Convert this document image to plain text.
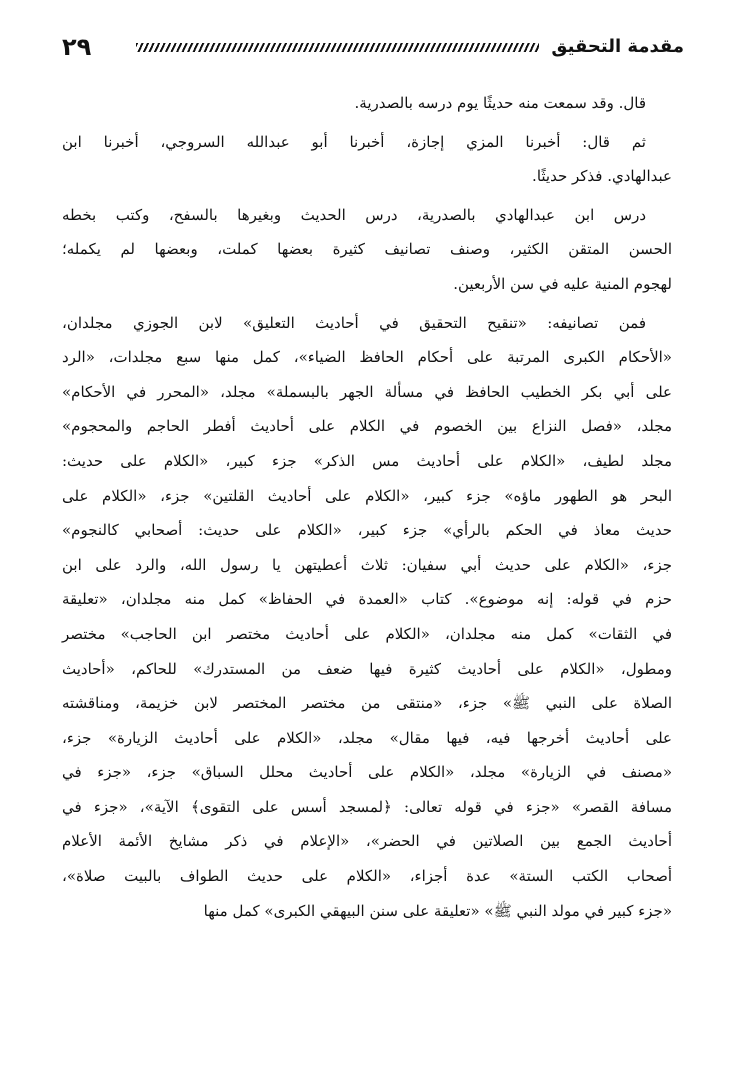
٢٩	مقدمة التحقيق
قال. وقد سمعت منه حديثًا يوم درسه بالصدرية.
ثم قال: أخبرنا المزي إجازة، أخبرنا أبو عبدالله السروجي، أخبرنا ابن
عبدالهادي. فذكر حديثًا.
درس ابن عبدالهادي بالصدرية، درس الحديث وبغيرها بالسفح، وكتب بخطه
الحسن المتقن الكثير، وصنف تصانيف كثيرة بعضها كملت، وبعضها لم يكمله؛
لهجوم المنية عليه في سن الأربعين.
فمن تصانيفه: «تنقيح التحقيق في أحاديث التعليق» لابن الجوزي مجلدان،
«الأحكام الكبرى المرتبة على أحكام الحافظ الضياء»، كمل منها سبع مجلدات، «الرد
على أبي بكر الخطيب الحافظ في مسألة الجهر بالبسملة» مجلد، «المحرر في الأحكام»
مجلد، «فصل النزاع بين الخصوم في الكلام على أحاديث أفطر الحاجم والمحجوم»
مجلد لطيف، «الكلام على أحاديث مس الذكر» جزء كبير، «الكلام على حديث:
البحر هو الطهور ماؤه» جزء كبير، «الكلام على أحاديث القلتين» جزء، «الكلام على
حديث معاذ في الحكم بالرأي» جزء كبير، «الكلام على حديث: أصحابي كالنجوم»
جزء، «الكلام على حديث أبي سفيان: ثلاث أعطيتهن يا رسول الله، والرد على ابن
حزم في قوله: إنه موضوع». كتاب «العمدة في الحفاظ» كمل منه مجلدان، «تعليقة
في الثقات» كمل منه مجلدان، «الكلام على أحاديث مختصر ابن الحاجب» مختصر
ومطول، «الكلام على أحاديث كثيرة فيها ضعف من المستدرك» للحاكم، «أحاديث
الصلاة على النبي ﷺ» جزء، «منتقى من مختصر المختصر لابن خزيمة، ومناقشته
على أحاديث أخرجها فيه، فيها مقال» مجلد، «الكلام على أحاديث الزيارة» جزء،
«مصنف في الزيارة» مجلد، «الكلام على أحاديث محلل السباق» جزء، «جزء في
مسافة القصر» «جزء في قوله تعالى: ﴿لمسجد أسس على التقوى﴾ الآية»، «جزء في
أحاديث الجمع بين الصلاتين في الحضر»، «الإعلام في ذكر مشايخ الأئمة الأعلام
أصحاب الكتب الستة» عدة أجزاء، «الكلام على حديث الطواف بالبيت صلاة»،
«جزء كبير في مولد النبي ﷺ» «تعليقة على سنن البيهقي الكبرى» كمل منها
